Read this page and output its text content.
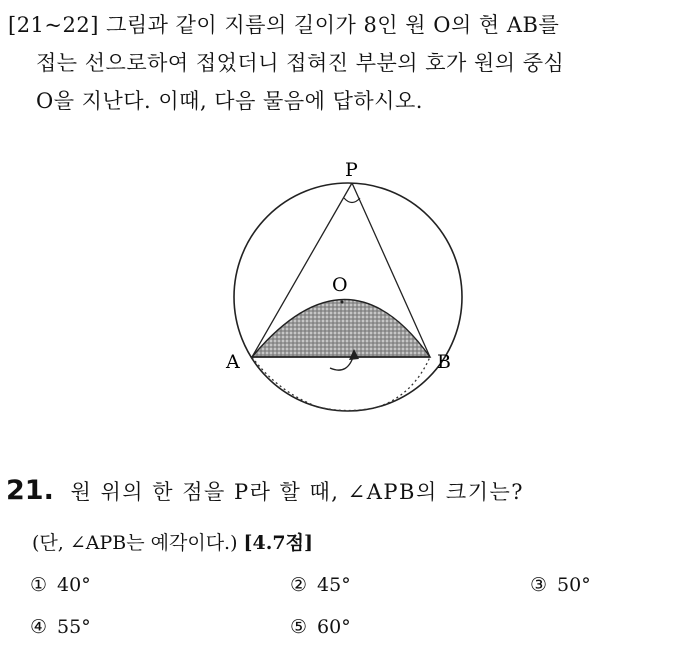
[21~22] 그림과 같이 지름의 길이가 8인 원 O의 현 AB를
접는 선으로하여 접었더니 접혀진 부분의 호가 원의 중심
O을 지난다. 이때, 다음 물음에 답하시오.
P
O
A	B
21. 원 위의 한 점을 P라 할 때, ∠APB의 크기는?
(단, ∠APB는 예각이다.) [4.7점]
① 40°	② 45°	③ 50°
④ 55°	⑤ 60°
